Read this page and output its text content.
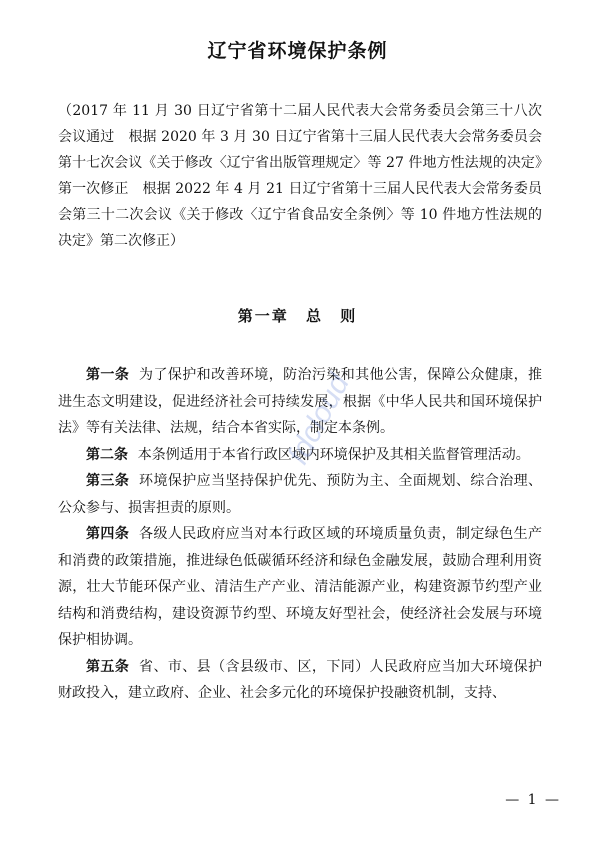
辽宁省环境保护条例
（2017 年 11 月 30 日辽宁省第十二届人民代表大会常务委员会第三十八次会议通过　根据 2020 年 3 月 30 日辽宁省第十三届人民代表大会常务委员会第十七次会议《关于修改〈辽宁省出版管理规定〉等 27 件地方性法规的决定》第一次修正　根据 2022 年 4 月 21 日辽宁省第十三届人民代表大会常务委员会第三十二次会议《关于修改〈辽宁省食品安全条例〉等 10 件地方性法规的决定》第二次修正）
第一章 总 则

第一条 为了保护和改善环境，防治污染和其他公害，保障公众健康，推进生态文明建设，促进经济社会可持续发展，根据《中华人民共和国环境保护法》等有关法律、法规，结合本省实际，制定本条例。

第二条 本条例适用于本省行政区域内环境保护及其相关监督管理活动。

第三条 环境保护应当坚持保护优先、预防为主、全面规划、综合治理、公众参与、损害担责的原则。

第四条 各级人民政府应当对本行政区域的环境质量负责，制定绿色生产和消费的政策措施，推进绿色低碳循环经济和绿色金融发展，鼓励合理利用资源，壮大节能环保产业、清洁生产产业、清洁能源产业，构建资源节约型产业结构和消费结构，建设资源节约型、环境友好型社会，使经济社会发展与环境保护相协调。

第五条 省、市、县（含县级市、区，下同）人民政府应当加大环境保护财政投入，建立政府、企业、社会多元化的环境保护投融资机制，支持、

fdcloud
— 1 —
